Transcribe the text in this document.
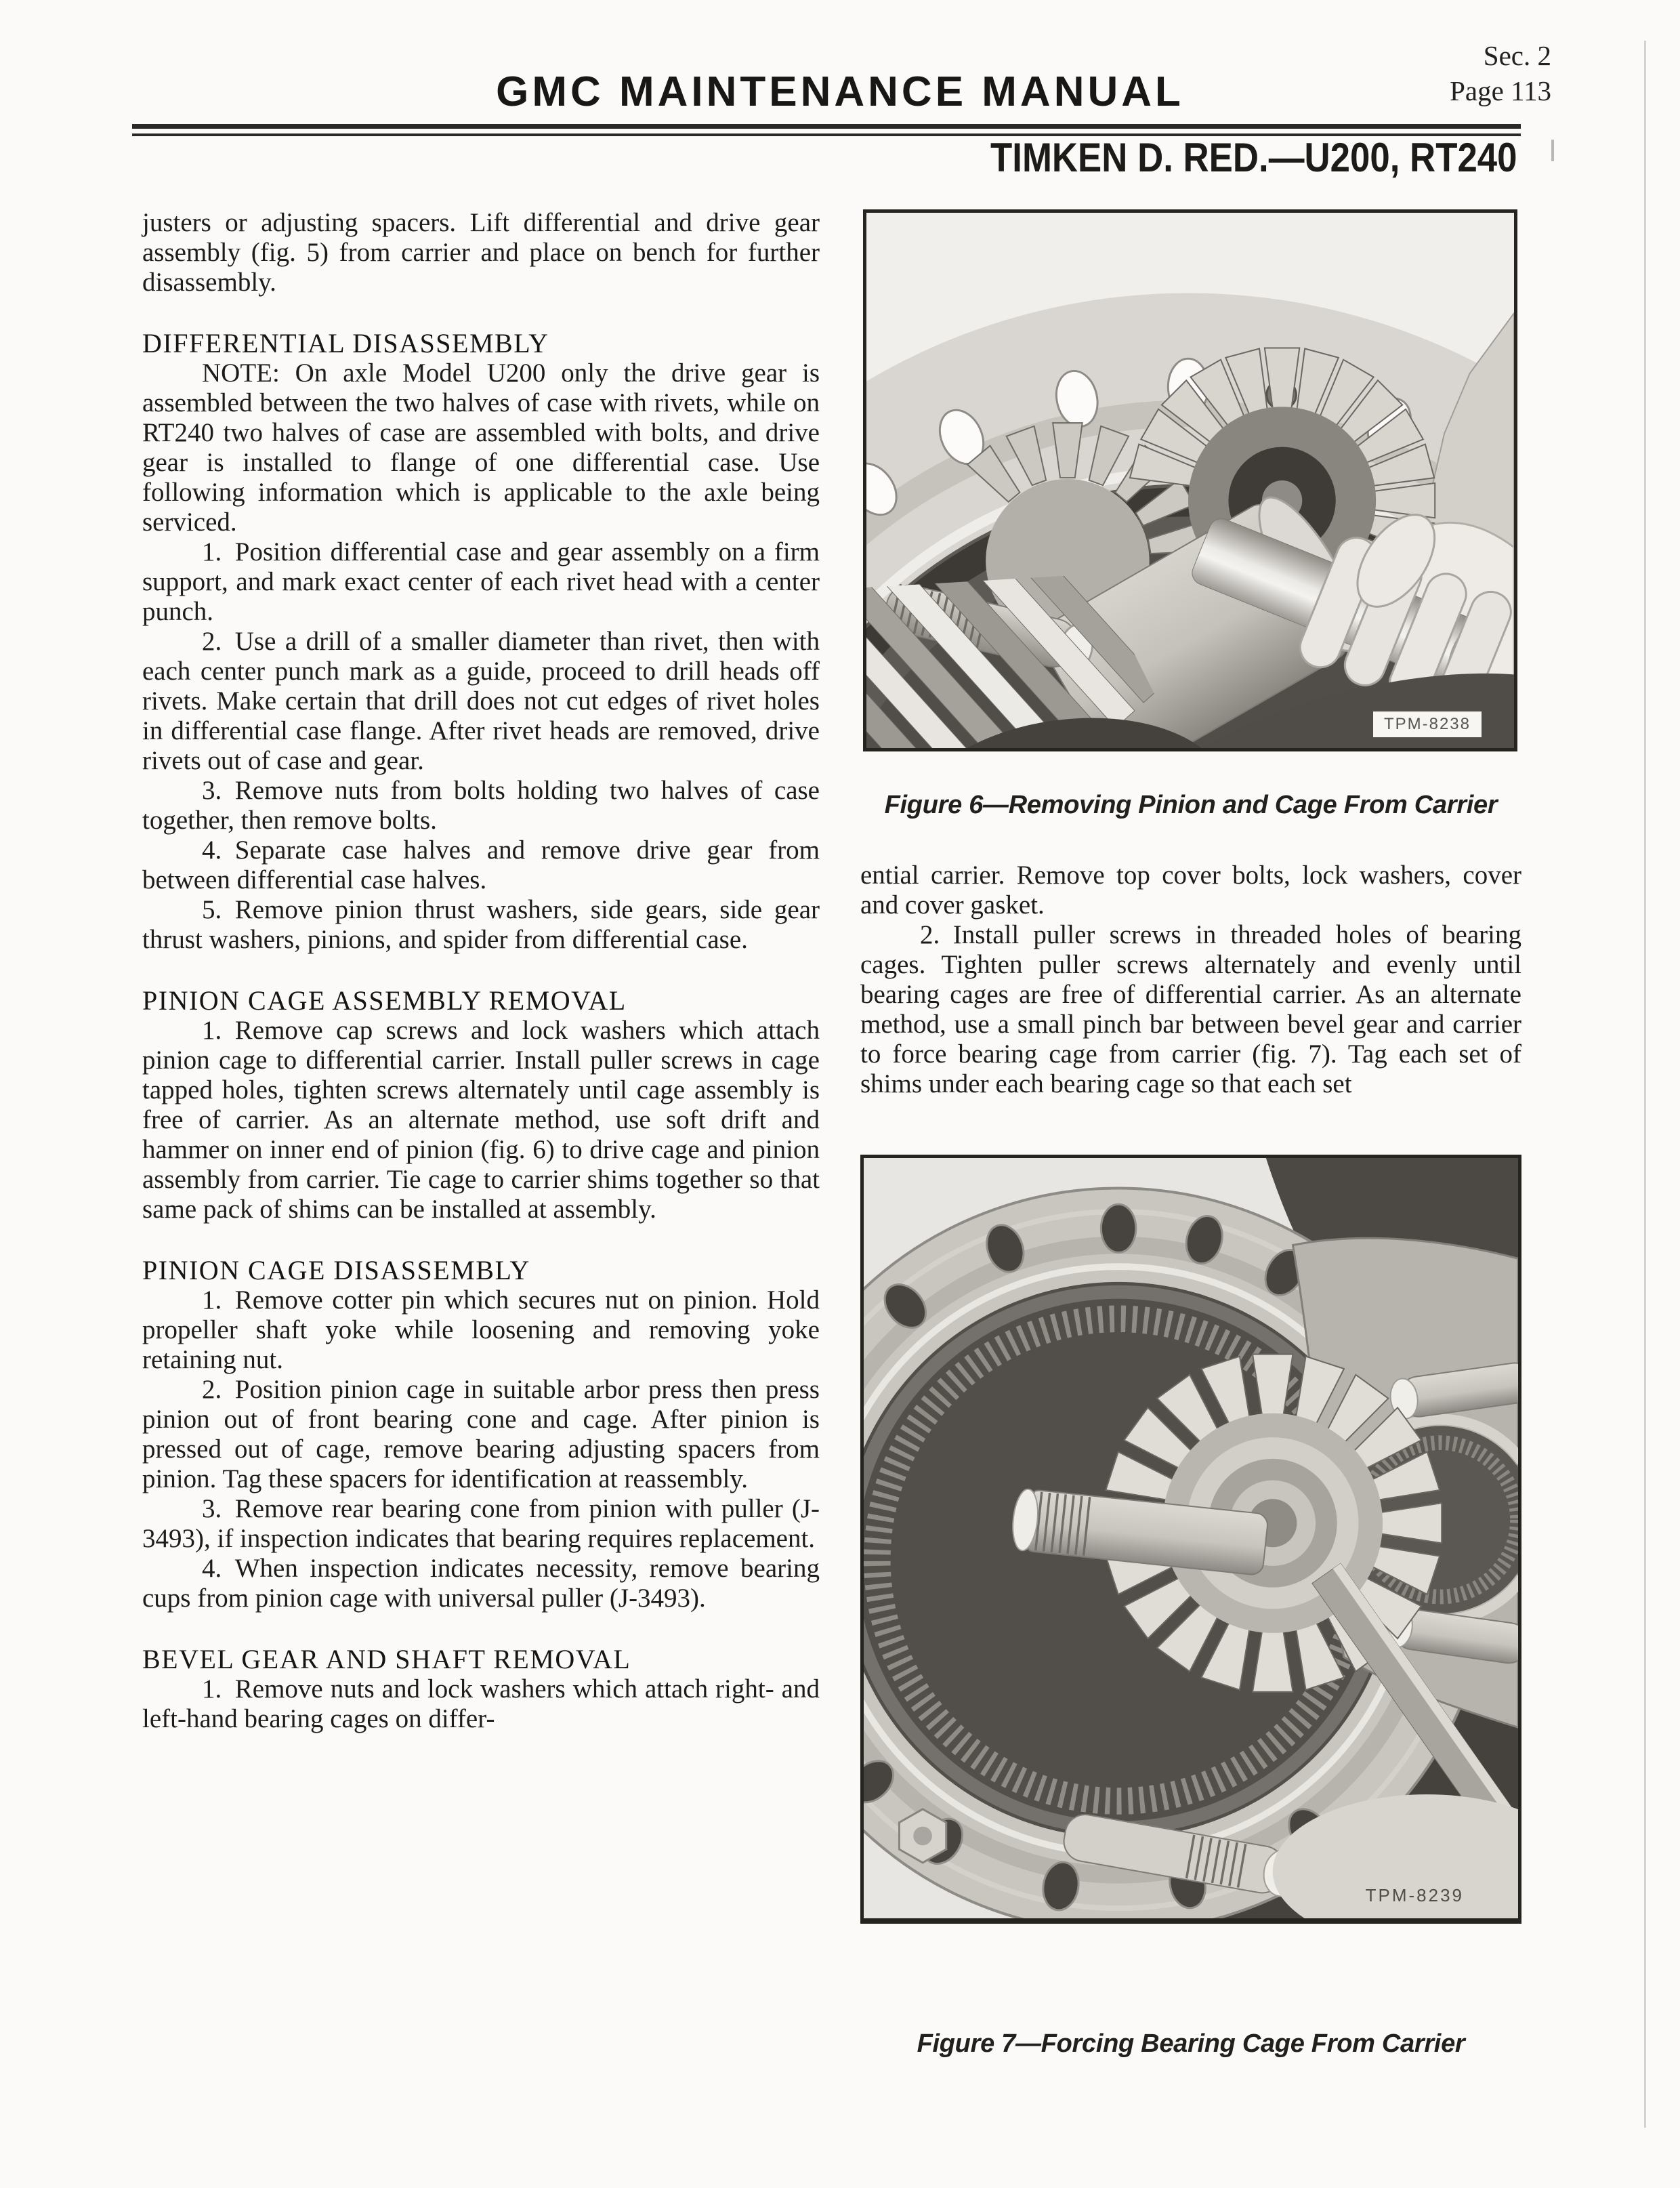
Sec. 2
Page 113
GMC MAINTENANCE MANUAL
TIMKEN D. RED.—U200, RT240

justers or adjusting spacers. Lift differential and drive gear assembly (fig. 5) from carrier and place on bench for further disassembly.

DIFFERENTIAL DISASSEMBLY

NOTE: On axle Model U200 only the drive gear is assembled between the two halves of case with rivets, while on RT240 two halves of case are assembled with bolts, and drive gear is installed to flange of one differential case. Use following information which is applicable to the axle being serviced.

1. Position differential case and gear assembly on a firm support, and mark exact center of each rivet head with a center punch.

2. Use a drill of a smaller diameter than rivet, then with each center punch mark as a guide, proceed to drill heads off rivets. Make certain that drill does not cut edges of rivet holes in differential case flange. After rivet heads are removed, drive rivets out of case and gear.

3. Remove nuts from bolts holding two halves of case together, then remove bolts.

4. Separate case halves and remove drive gear from between differential case halves.

5. Remove pinion thrust washers, side gears, side gear thrust washers, pinions, and spider from differential case.

PINION CAGE ASSEMBLY REMOVAL

1. Remove cap screws and lock washers which attach pinion cage to differential carrier. Install puller screws in cage tapped holes, tighten screws alternately until cage assembly is free of carrier. As an alternate method, use soft drift and hammer on inner end of pinion (fig. 6) to drive cage and pinion assembly from carrier. Tie cage to carrier shims together so that same pack of shims can be installed at assembly.

PINION CAGE DISASSEMBLY

1. Remove cotter pin which secures nut on pinion. Hold propeller shaft yoke while loosening and removing yoke retaining nut.

2. Position pinion cage in suitable arbor press then press pinion out of front bearing cone and cage. After pinion is pressed out of cage, remove bearing adjusting spacers from pinion. Tag these spacers for identification at reassembly.

3. Remove rear bearing cone from pinion with puller (J-3493), if inspection indicates that bearing requires replacement.

4. When inspection indicates necessity, remove bearing cups from pinion cage with universal puller (J-3493).

BEVEL GEAR AND SHAFT REMOVAL

1. Remove nuts and lock washers which attach right- and left-hand bearing cages on differ-

TPM-8238
Figure 6—Removing Pinion and Cage From Carrier

ential carrier. Remove top cover bolts, lock washers, cover and cover gasket.

2. Install puller screws in threaded holes of bearing cages. Tighten puller screws alternately and evenly until bearing cages are free of differential carrier. As an alternate method, use a small pinch bar between bevel gear and carrier to force bearing cage from carrier (fig. 7). Tag each set of shims under each bearing cage so that each set

TPM-8239
Figure 7—Forcing Bearing Cage From Carrier
